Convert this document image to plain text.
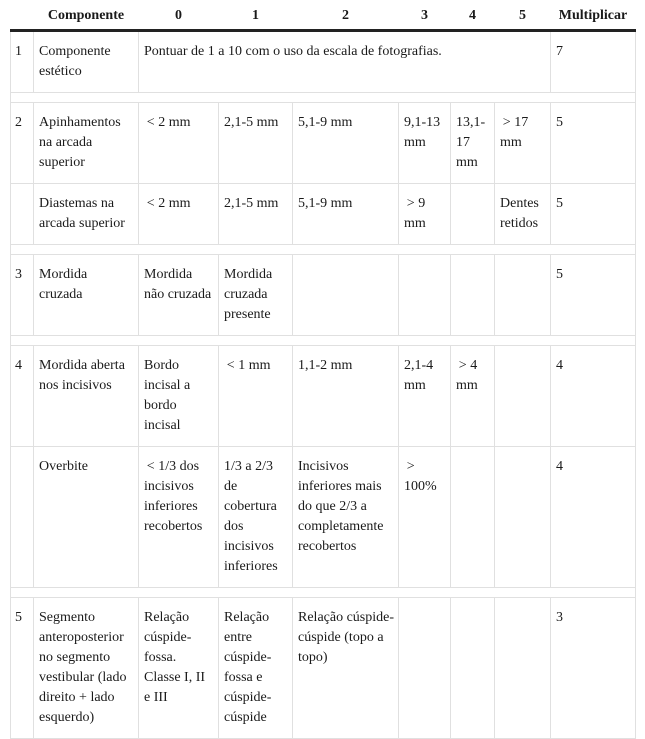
	Componente	0	1	2	3	4	5	Multiplicar
1	Componente estético	Pontuar de 1 a 10 com o uso da escala de fotografias.						7

2	Apinhamentos na arcada superior	 < 2 mm	2,1-5 mm	5,1-9 mm	9,1-13 mm	13,1-17 mm	 > 17 mm	5
	Diastemas na arcada superior	 < 2 mm	2,1-5 mm	5,1-9 mm	 > 9 mm		Dentes retidos	5

3	Mordida cruzada	Mordida não cruzada	Mordida cruzada presente					5

4	Mordida aberta nos incisivos	Bordo incisal a bordo incisal	 < 1 mm	1,1-2 mm	2,1-4 mm	 > 4 mm		4
	Overbite	 < 1/3 dos incisivos inferiores recobertos	1/3 a 2/3 de cobertura dos incisivos inferiores	Incisivos inferiores mais do que 2/3 a completamente recobertos	 > 100%			4

5	Segmento anteroposterior no segmento vestibular (lado direito + lado esquerdo)	Relação cúspide-fossa. Classe I, II e III	Relação entre cúspide-fossa e cúspide-cúspide	Relação cúspide-cúspide (topo a topo)				3
